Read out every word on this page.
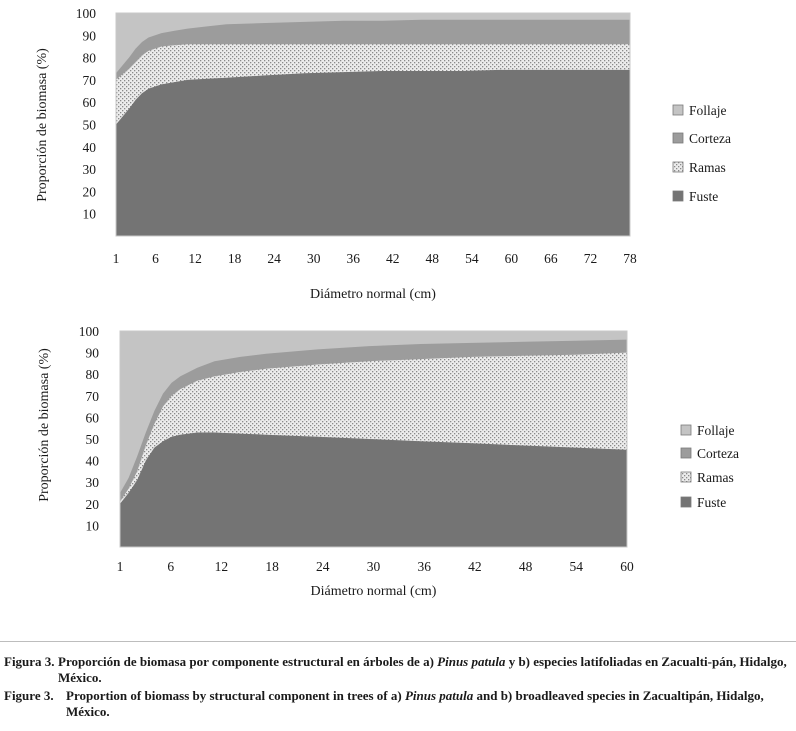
10
20
30
40
50
60
70
80
90
100
1 6 12 18 24 30 36 42 48 54 60 66 72 78
Diámetro normal (cm)
Proporción de biomasa (%)	Follaje
Corteza
Ramas
Fuste
10
20
30
40
50
60
70
80
90
100
1	6	12	18	24	30	36	42	48	54	60
Diámetro normal (cm)
Proporción de biomasa (%)	Follaje
Corteza
Ramas
Fuste
Figura 3. Proporción de biomasa por componente estructural en árboles de a) Pinus patula y b) especies latifoliadas en Zacualti-pán, Hidalgo, México.
Figure 3. Proportion of biomass by structural component in trees of a) Pinus patula and b) broadleaved species in Zacualtipán, Hidalgo, México.
